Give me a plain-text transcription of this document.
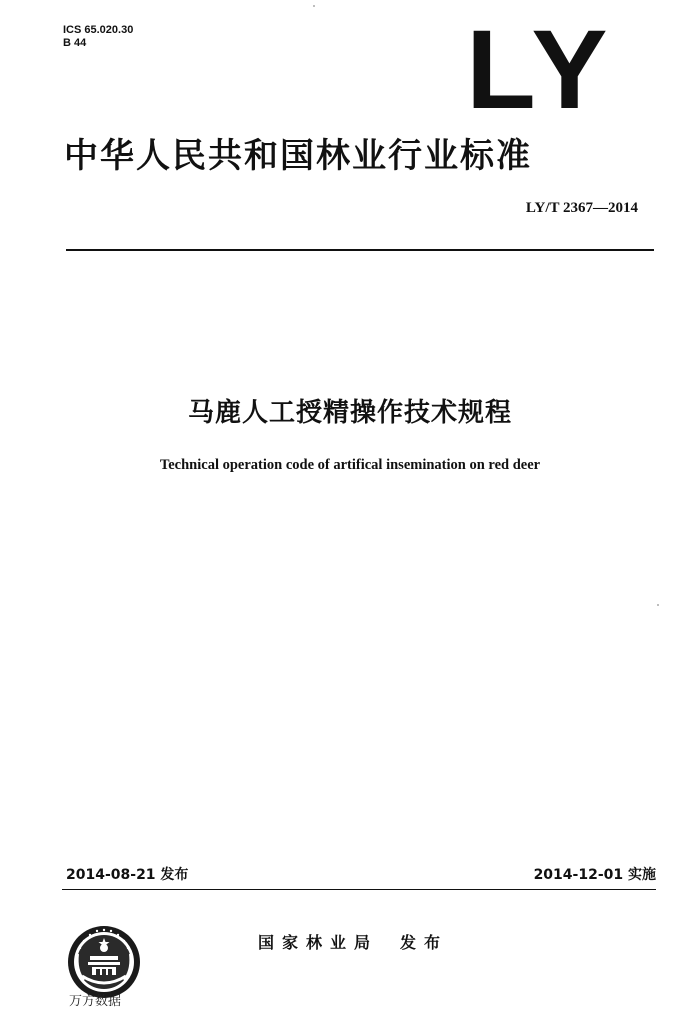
ICS 65.020.30
B 44	LY
中华人民共和国林业行业标准
LY/T 2367—2014
马鹿人工授精操作技术规程
Technical operation code of artifical insemination on red deer
2014-08-21 发布	2014-12-01 实施
国家林业局 发布
万方数据
